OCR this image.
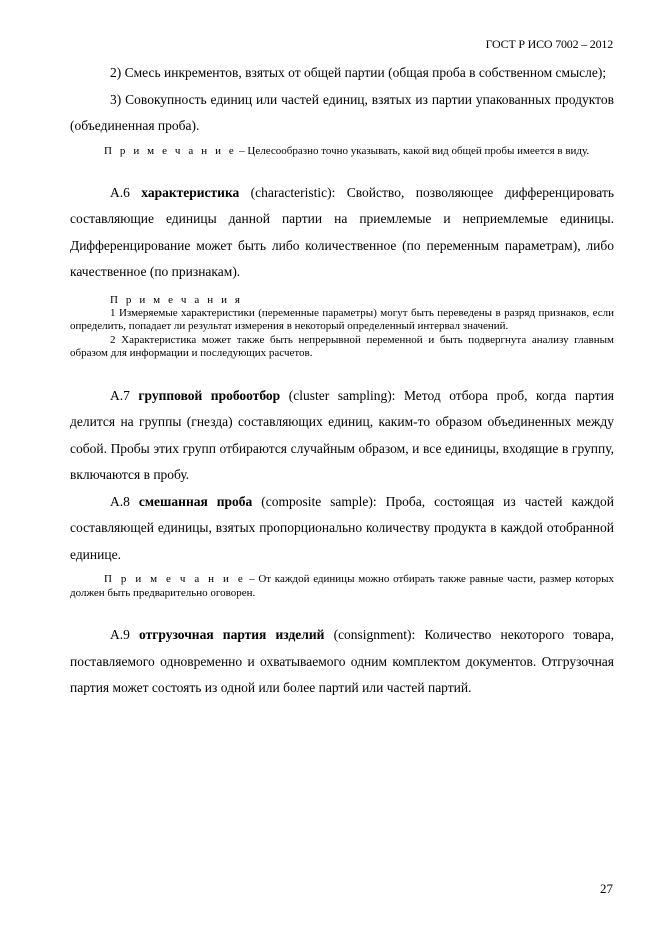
ГОСТ Р ИСО 7002 – 2012

2) Смесь инкрементов, взятых от общей партии (общая проба в собственном смысле);

3) Совокупность единиц или частей единиц, взятых из партии упакованных продуктов (объединенная проба).

П р и м е ч а н и е – Целесообразно точно указывать, какой вид общей пробы имеется в виду.

А.6 характеристика (characteristic): Свойство, позволяющее дифференцировать составляющие единицы данной партии на приемлемые и неприемлемые единицы. Дифференцирование может быть либо количественное (по переменным параметрам), либо качественное (по признакам).

П р и м е ч а н и я

1 Измеряемые характеристики (переменные параметры) могут быть переведены в разряд признаков, если определить, попадает ли результат измерения в некоторый определенный интервал значений.

2 Характеристика может также быть непрерывной переменной и быть подвергнута анализу главным образом для информации и последующих расчетов.

А.7 групповой пробоотбор (cluster sampling): Метод отбора проб, когда партия делится на группы (гнезда) составляющих единиц, каким-то образом объединенных между собой. Пробы этих групп отбираются случайным образом, и все единицы, входящие в группу, включаются в пробу.

А.8 смешанная проба (composite sample): Проба, состоящая из частей каждой составляющей единицы, взятых пропорционально количеству продукта в каждой отобранной единице.

П р и м е ч а н и е – От каждой единицы можно отбирать также равные части, размер которых должен быть предварительно оговорен.

А.9 отгрузочная партия изделий (consignment): Количество некоторого товара, поставляемого одновременно и охватываемого одним комплектом документов. Отгрузочная партия может состоять из одной или более партий или частей партий.

27
